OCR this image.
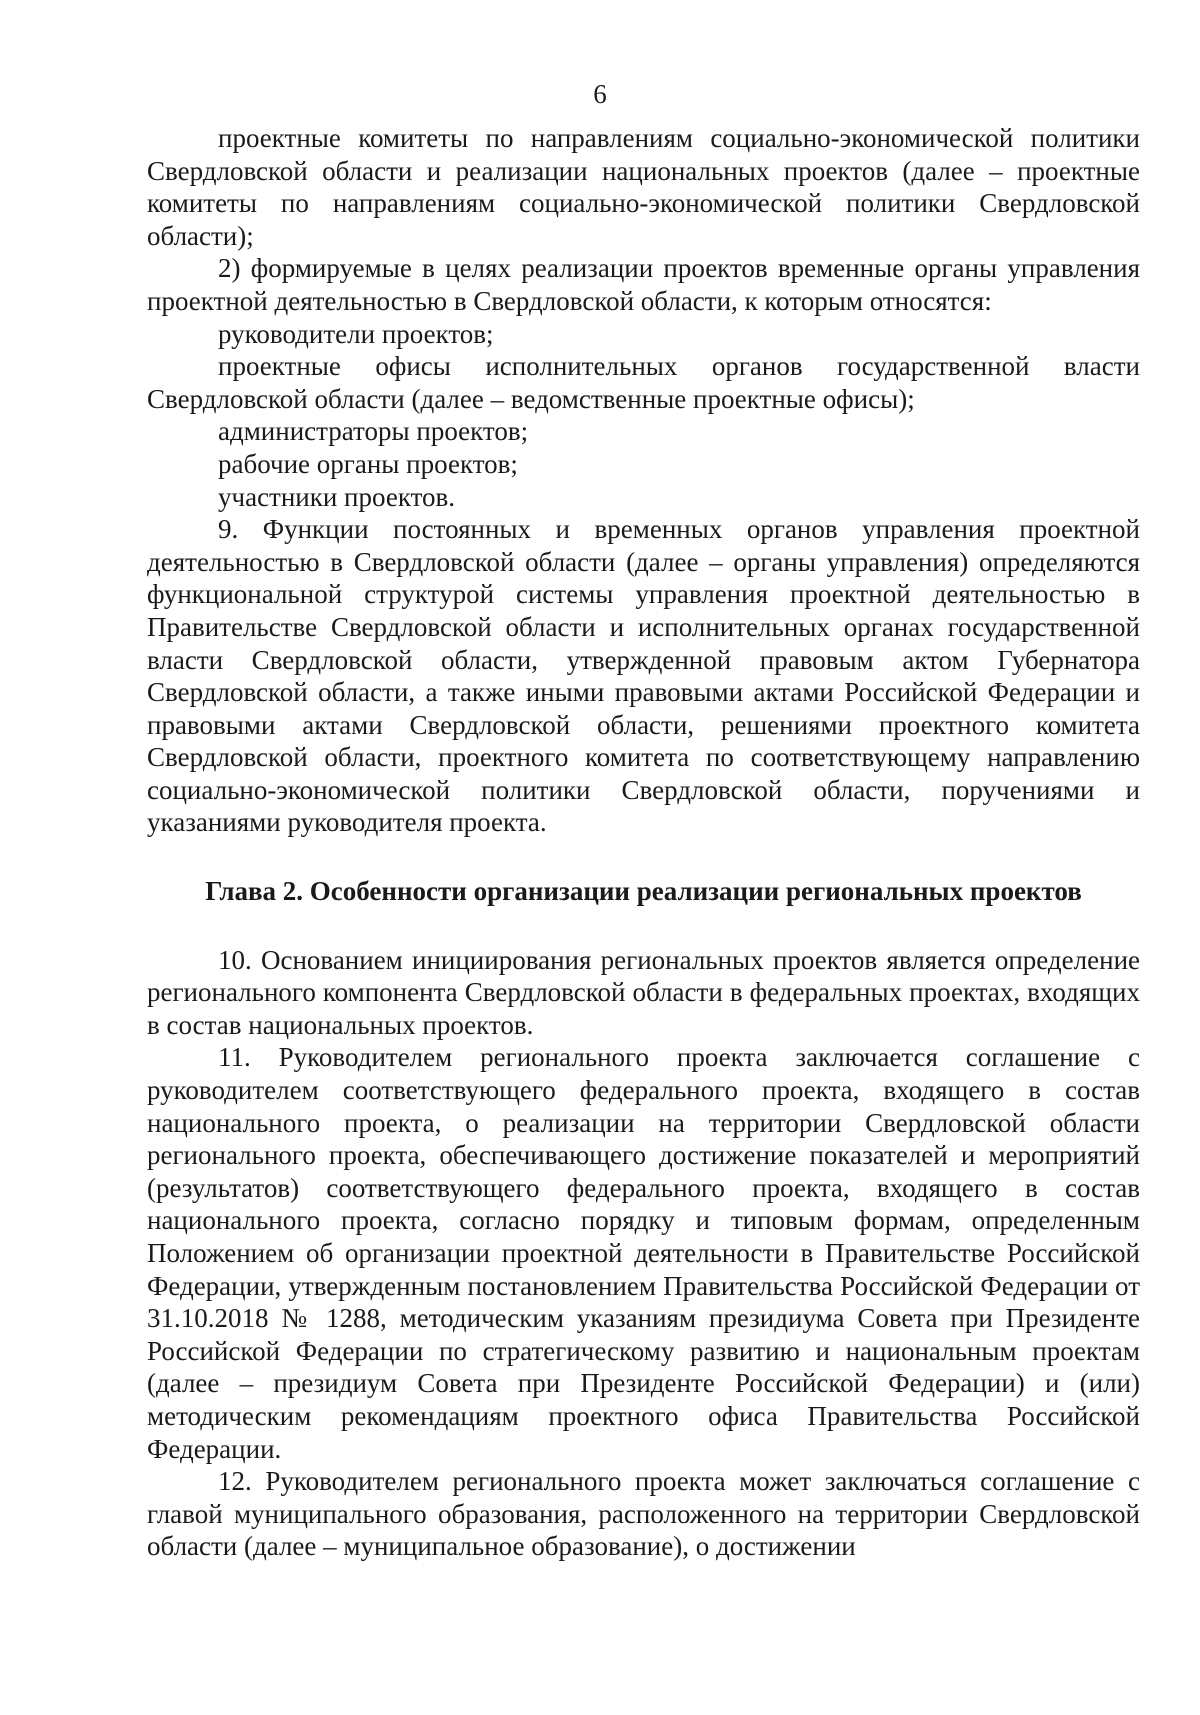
6

проектные комитеты по направлениям социально-экономической политики Свердловской области и реализации национальных проектов (далее – проектные комитеты по направлениям социально-экономической политики Свердловской области);

2) формируемые в целях реализации проектов временные органы управления проектной деятельностью в Свердловской области, к которым относятся:

руководители проектов;

проектные офисы исполнительных органов государственной власти Свердловской области (далее – ведомственные проектные офисы);

администраторы проектов;

рабочие органы проектов;

участники проектов.

9. Функции постоянных и временных органов управления проектной деятельностью в Свердловской области (далее – органы управления) определяются функциональной структурой системы управления проектной деятельностью в Правительстве Свердловской области и исполнительных органах государственной власти Свердловской области, утвержденной правовым актом Губернатора Свердловской области, а также иными правовыми актами Российской Федерации и правовыми актами Свердловской области, решениями проектного комитета Свердловской области, проектного комитета по соответствующему направлению социально-экономической политики Свердловской области, поручениями и указаниями руководителя проекта.

Глава 2. Особенности организации реализации региональных проектов

10. Основанием инициирования региональных проектов является определение регионального компонента Свердловской области в федеральных проектах, входящих в состав национальных проектов.

11. Руководителем регионального проекта заключается соглашение с руководителем соответствующего федерального проекта, входящего в состав национального проекта, о реализации на территории Свердловской области регионального проекта, обеспечивающего достижение показателей и мероприятий (результатов) соответствующего федерального проекта, входящего в состав национального проекта, согласно порядку и типовым формам, определенным Положением об организации проектной деятельности в Правительстве Российской Федерации, утвержденным постановлением Правительства Российской Федерации от 31.10.2018 № 1288, методическим указаниям президиума Совета при Президенте Российской Федерации по стратегическому развитию и национальным проектам (далее – президиум Совета при Президенте Российской Федерации) и (или) методическим рекомендациям проектного офиса Правительства Российской Федерации.

12. Руководителем регионального проекта может заключаться соглашение с главой муниципального образования, расположенного на территории Свердловской области (далее – муниципальное образование), о достижении
